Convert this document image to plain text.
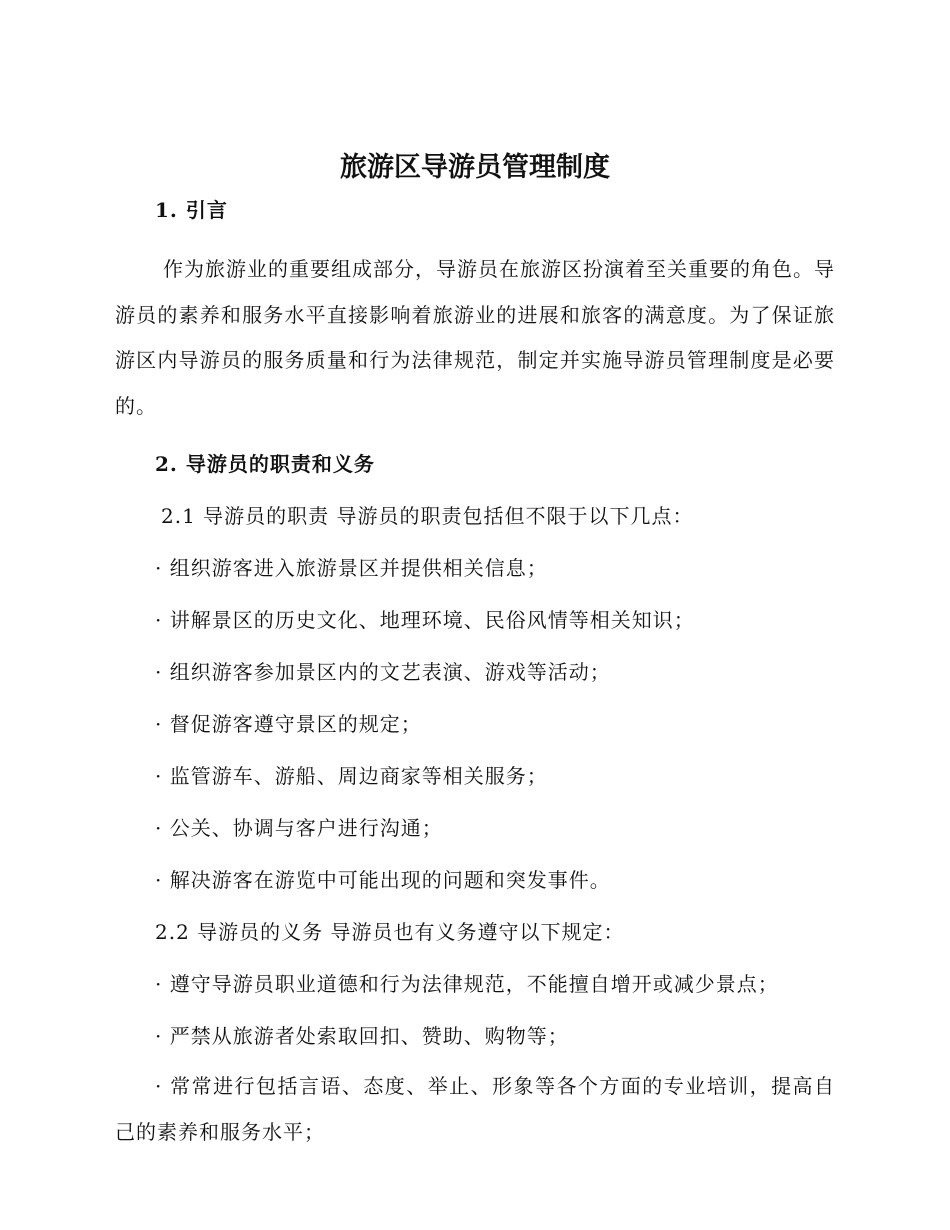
旅游区导游员管理制度

1. 引言

作为旅游业的重要组成部分，导游员在旅游区扮演着至关重要的角色。导游员的素养和服务水平直接影响着旅游业的进展和旅客的满意度。为了保证旅游区内导游员的服务质量和行为法律规范，制定并实施导游员管理制度是必要的。

2. 导游员的职责和义务

2.1 导游员的职责 导游员的职责包括但不限于以下几点：

· 组织游客进入旅游景区并提供相关信息；

· 讲解景区的历史文化、地理环境、民俗风情等相关知识；

· 组织游客参加景区内的文艺表演、游戏等活动；

· 督促游客遵守景区的规定；

· 监管游车、游船、周边商家等相关服务；

· 公关、协调与客户进行沟通；

· 解决游客在游览中可能出现的问题和突发事件。

2.2 导游员的义务 导游员也有义务遵守以下规定：

· 遵守导游员职业道德和行为法律规范，不能擅自增开或减少景点；

· 严禁从旅游者处索取回扣、赞助、购物等；

· 常常进行包括言语、态度、举止、形象等各个方面的专业培训，提高自己的素养和服务水平；
